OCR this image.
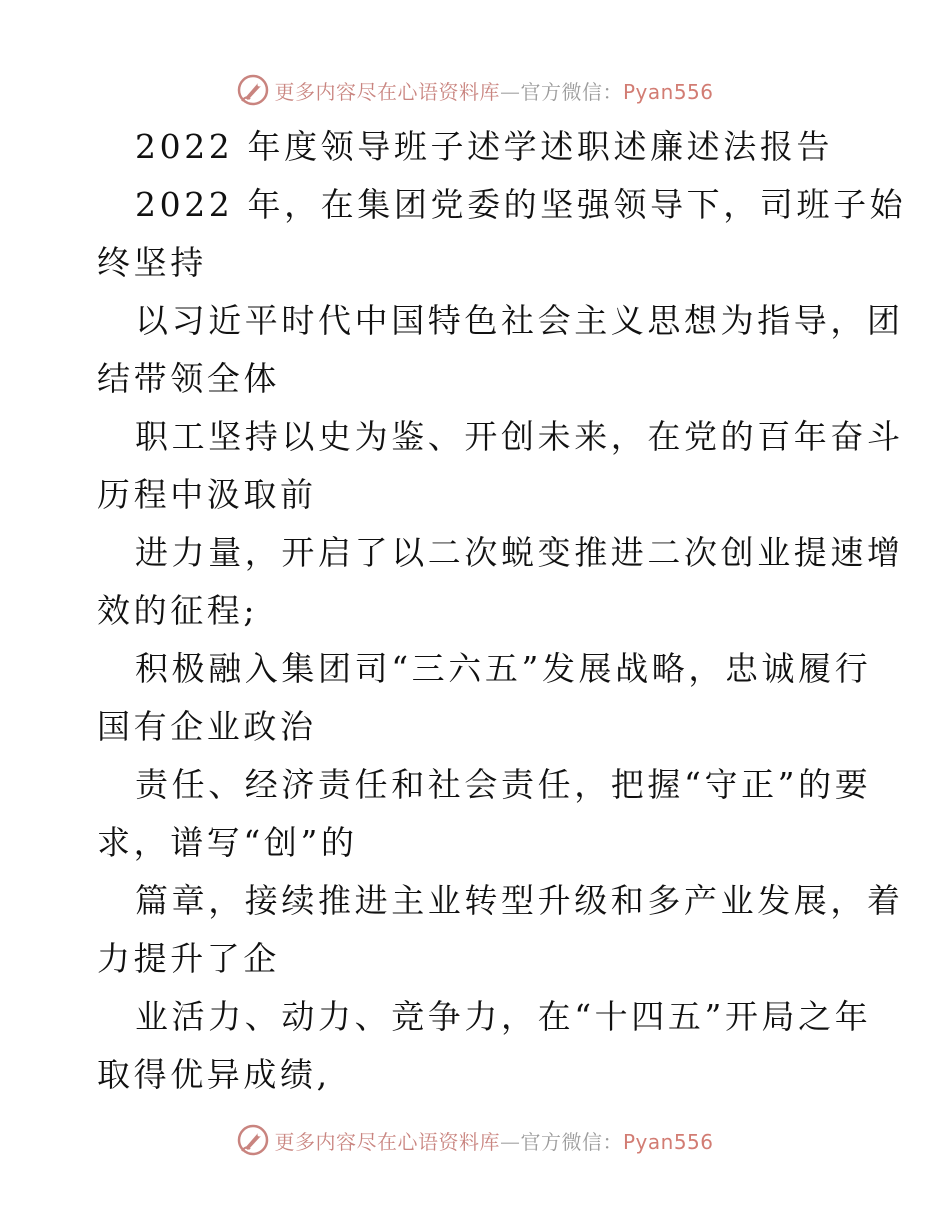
更多内容尽在心语资料库—官方微信：Pyan556
2022 年度领导班子述学述职述廉述法报告
2022 年，在集团党委的坚强领导下，司班子始
终坚持
以习近平时代中国特色社会主义思想为指导，团
结带领全体
职工坚持以史为鉴、开创未来，在党的百年奋斗
历程中汲取前
进力量，开启了以二次蜕变推进二次创业提速增
效的征程;
积极融入集团司“三六五”发展战略，忠诚履行
国有企业政治
责任、经济责任和社会责任，把握“守正”的要
求，谱写“创”的
篇章，接续推进主业转型升级和多产业发展，着
力提升了企
业活力、动力、竞争力，在“十四五”开局之年
取得优异成绩,
更多内容尽在心语资料库—官方微信：Pyan556
